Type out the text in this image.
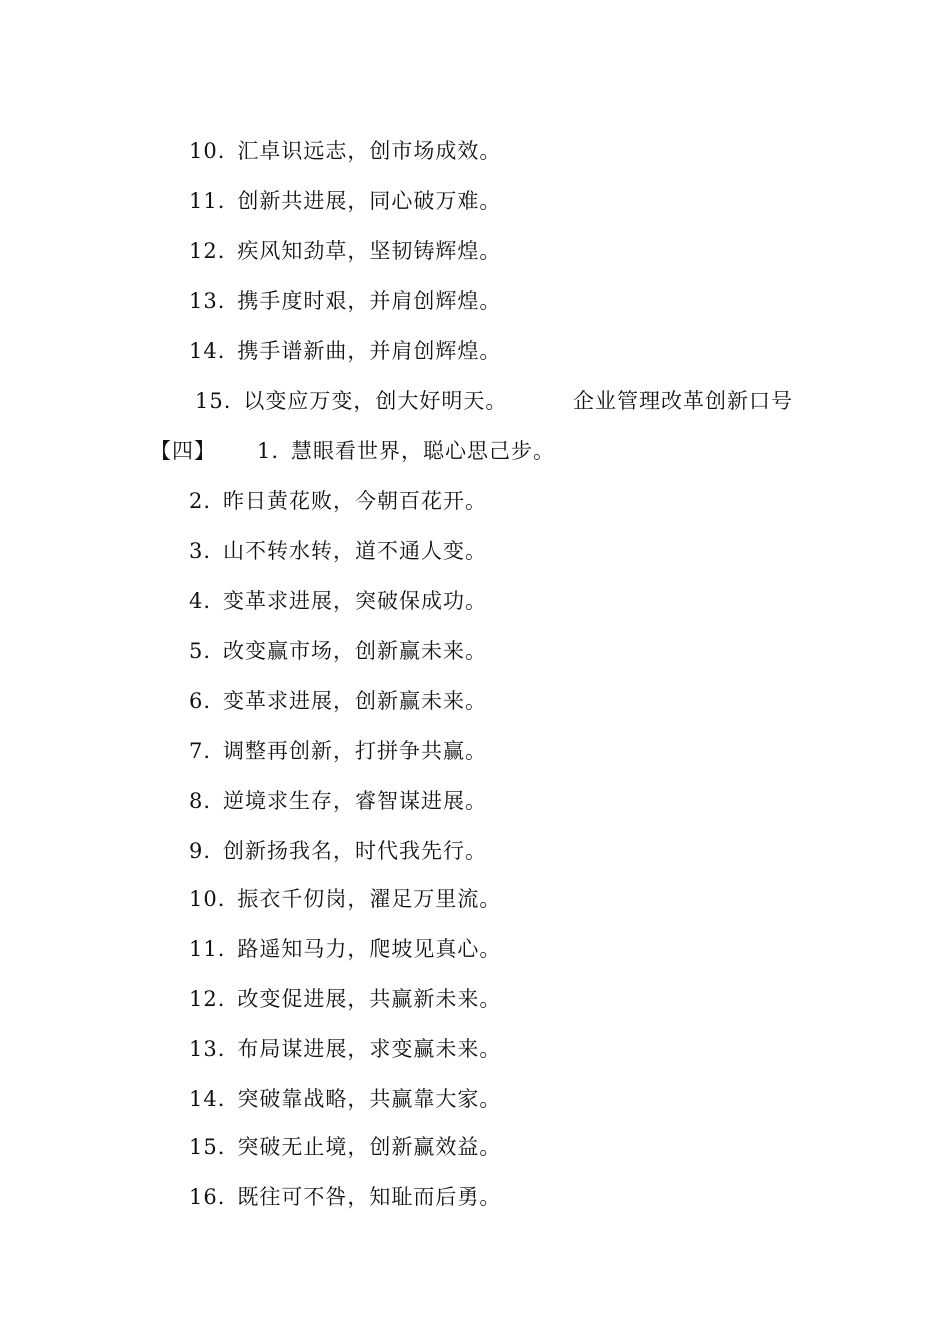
10. 汇卓识远志，创市场成效。
11. 创新共进展，同心破万难。
12. 疾风知劲草，坚韧铸辉煌。
13. 携手度时艰，并肩创辉煌。
14. 携手谱新曲，并肩创辉煌。
15. 以变应万变，创大好明天。	企业管理改革创新口号
【四】 1. 慧眼看世界，聪心思己步。
2. 昨日黄花败，今朝百花开。
3. 山不转水转，道不通人变。
4. 变革求进展，突破保成功。
5. 改变赢市场，创新赢未来。
6. 变革求进展，创新赢未来。
7. 调整再创新，打拼争共赢。
8. 逆境求生存，睿智谋进展。
9. 创新扬我名，时代我先行。
10. 振衣千仞岗，濯足万里流。
11. 路遥知马力，爬坡见真心。
12. 改变促进展，共赢新未来。
13. 布局谋进展，求变赢未来。
14. 突破靠战略，共赢靠大家。
15. 突破无止境，创新赢效益。
16. 既往可不咎，知耻而后勇。
